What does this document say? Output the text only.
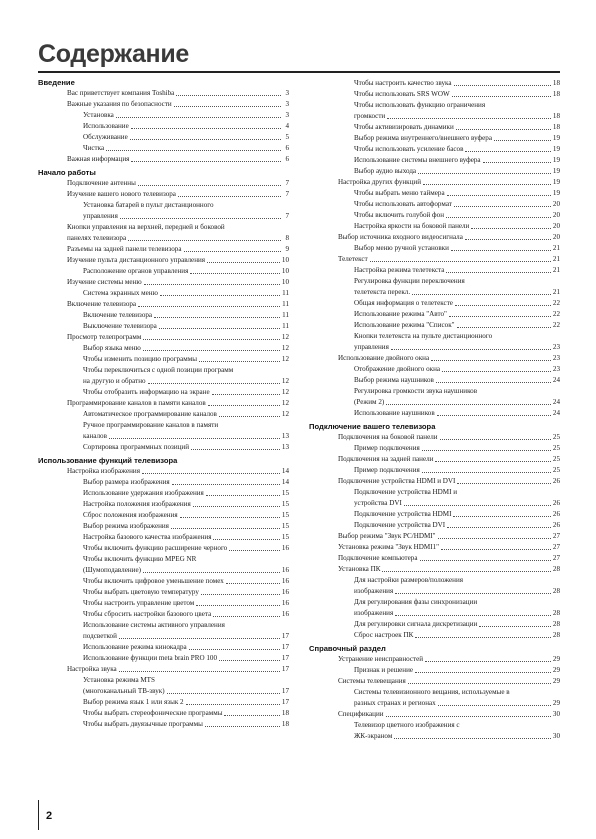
Содержание
Введение
Вас приветствует компания Toshiba	3
Важные указания по безопасности	3
Установка	3
Использование	4
Обслуживание	5
Чистка	6
Важная информация	6
Начало работы
Подключение антенны	7
Изучение вашего нового телевизора	7
Установка батарей в пульт дистанционного
управления	7
Кнопки управления на верхней, передней и боковой
панелях телевизора	8
Разъемы на задней панели телевизора	9
Изучение пульта дистанционного управления	10
Расположение органов управления	10
Изучение системы меню	10
Система экранных меню	11
Включение телевизора	11
Включение телевизора	11
Выключение телевизора	11
Просмотр телепрограмм	12
Выбор языка меню	12
Чтобы изменить позицию программы	12
Чтобы переключиться с одной позиции программ
на другую и обратно	12
Чтобы отобразить информацию на экране	12
Программирование каналов в памяти каналов	12
Автоматическое программирование каналов	12
Ручное программирование каналов в памяти
каналов	13
Сортировка программных позиций	13
Использование функций телевизора
Настройка изображения	14
Выбор размера изображения	14
Использование удержания изображения	15
Настройка положения изображения	15
Сброс положения изображения	15
Выбор режима изображения	15
Настройка базового качества изображения	15
Чтобы включить функцию расширение черного	16
Чтобы включить функцию MPEG NR
(Шумоподавление)	16
Чтобы включить цифровое уменьшение помех	16
Чтобы выбрать цветовую температуру	16
Чтобы настроить управление цветом	16
Чтобы сбросить настройки базового цвета	16
Использование системы активного управления
подсветкой	17
Использование режима кинокадра	17
Использование функции meta brain PRO 100	17
Настройка звука	17
Установка режима MTS
(многоканальный ТВ-звук)	17
Выбор режима язык 1 или язык 2	17
Чтобы выбрать стереофонические программы	18
Чтобы выбрать двуязычные программы	18
Чтобы настроить качество звука	18
Чтобы использовать SRS WOW	18
Чтобы использовать функцию ограничения
громкости	18
Чтобы активизировать динамики	18
Выбор режима внутреннего/внешнего вуфера	19
Чтобы использовать усиление басов	19
Использование системы внешнего вуфера	19
Выбор аудио выхода	19
Настройка других функций	19
Чтобы выбрать меню таймера	19
Чтобы использовать автоформат	20
Чтобы включить голубой фон	20
Настройка яркости на боковой панели	20
Выбор источника входного видеосигнала	20
Выбор меню ручной установки	21
Телетекст	21
Настройка режима телетекста	21
Регулировка функции переключения
телетекста перекл.	21
Общая информация о телетексте	22
Использование режима "Авто"	22
Использование режима "Список"	22
Кнопки телетекста на пульте дистанционного
управления	23
Использование двойного окна	23
Отображение двойного окна	23
Выбор режима наушников	24
Регулировка громкости звука наушников
(Режим 2)	24
Использование наушников	24
Подключение вашего телевизора
Подключения на боковой панели	25
Пример подключения	25
Подключения на задней панели	25
Пример подключения	25
Подключение устройства HDMI и DVI	26
Подключение устройства HDMI и
устройства DVI	26
Подключение устройства HDMI	26
Подключение устройства DVI	26
Выбор режима "Звук PC/HDMI"	27
Установка режима "Звук HDMI1"	27
Подключение компьютера	27
Установка ПК	28
Для настройки размеров/положения
изображения	28
Для регулирования фазы синхронизации
изображения	28
Для регулировки сигнала дискретизации	28
Сброс настроек ПК	28
Справочный раздел
Устранение неисправностей	29
Признак и решение	29
Системы телевещания	29
Системы телевизионного вещания, используемые в
разных странах и регионах	29
Спецификации	30
Телевизор цветного изображения с
ЖК-экраном	30
2
